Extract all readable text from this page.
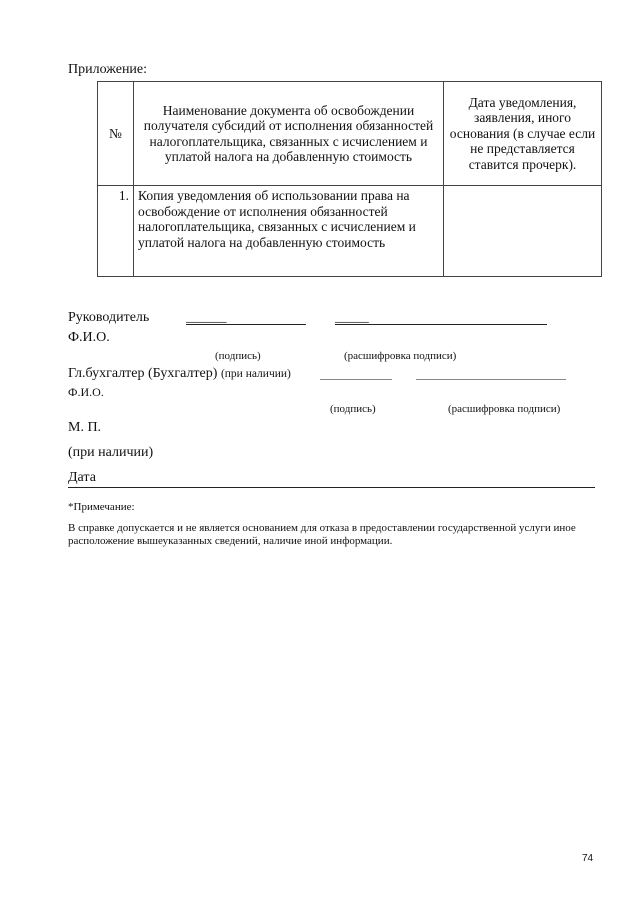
Приложение:
№	Наименование документа об освобождении получателя субсидий от исполнения обязанностей налогоплательщика, связанных с исчислением и уплатой налога на добавленную стоимость	Дата уведомления, заявления, иного основания (в случае если не представляется ставится прочерк).
1.	Копия уведомления об использовании права на освобождение от исполнения обязанностей налогоплательщика, связанных с исчислением и уплатой налога на добавленную стоимость	
Руководитель	______	_____
Ф.И.О.
(подпись)	(расшифровка подписи)
Гл.бухгалтер (Бухгалтер) (при наличии)
Ф.И.О.
(подпись)	(расшифровка подписи)
М. П.
(при наличии)
Дата
*Примечание:
В справке допускается и не является основанием для отказа в предоставлении государственной услуги иное расположение вышеуказанных сведений, наличие иной информации.
74
